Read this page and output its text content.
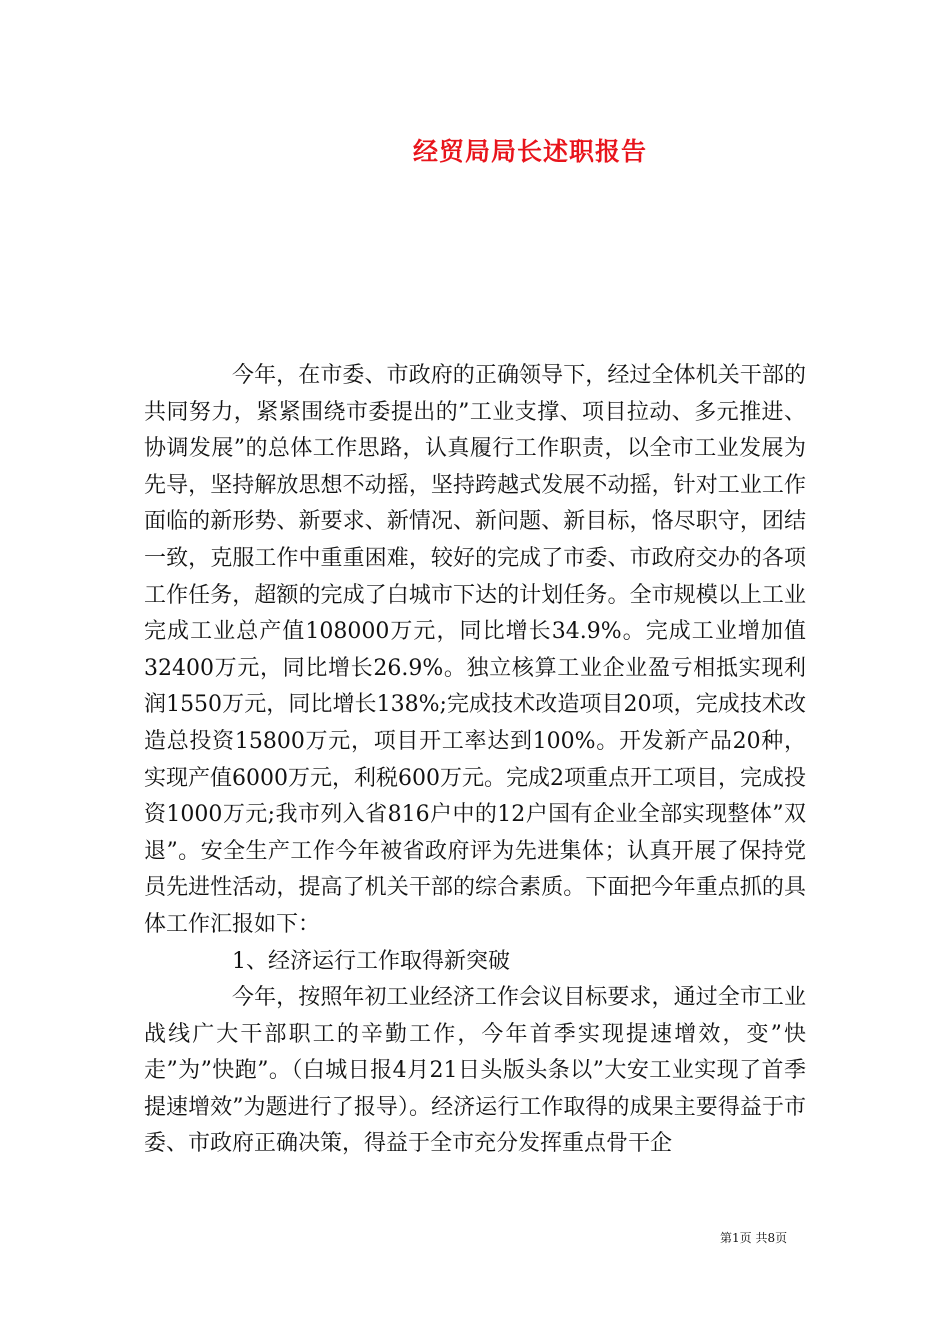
经贸局局长述职报告

今年，在市委、市政府的正确领导下，经过全体机关干部的共同努力，紧紧围绕市委提出的”工业支撑、项目拉动、多元推进、协调发展”的总体工作思路，认真履行工作职责，以全市工业发展为先导，坚持解放思想不动摇，坚持跨越式发展不动摇，针对工业工作面临的新形势、新要求、新情况、新问题、新目标，恪尽职守，团结一致，克服工作中重重困难，较好的完成了市委、市政府交办的各项工作任务，超额的完成了白城市下达的计划任务。全市规模以上工业完成工业总产值108000万元，同比增长34.9%。完成工业增加值32400万元，同比增长26.9%。独立核算工业企业盈亏相抵实现利润1550万元，同比增长138%;完成技术改造项目20项，完成技术改造总投资15800万元，项目开工率达到100%。开发新产品20种，实现产值6000万元，利税600万元。完成2项重点开工项目，完成投资1000万元;我市列入省816户中的12户国有企业全部实现整体”双退”。安全生产工作今年被省政府评为先进集体；认真开展了保持党员先进性活动，提高了机关干部的综合素质。下面把今年重点抓的具体工作汇报如下：

1、经济运行工作取得新突破

今年，按照年初工业经济工作会议目标要求，通过全市工业战线广大干部职工的辛勤工作，今年首季实现提速增效，变”快走”为”快跑”。（白城日报4月21日头版头条以”大安工业实现了首季提速增效”为题进行了报导）。经济运行工作取得的成果主要得益于市委、市政府正确决策，得益于全市充分发挥重点骨干企

第1页 共8页
